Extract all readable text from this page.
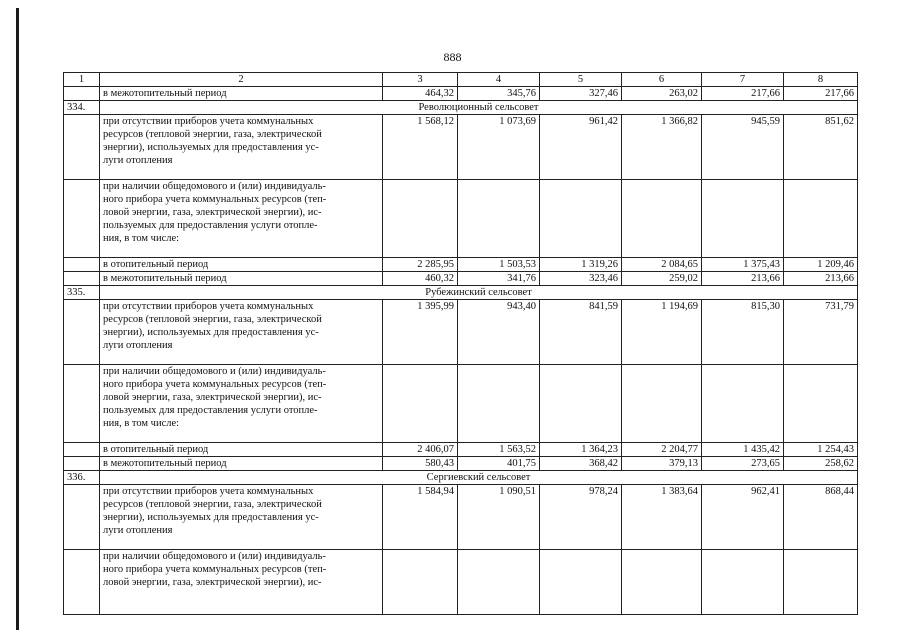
888
1	2	3	4	5	6	7	8
	в межотопительный период	464,32	345,76	327,46	263,02	217,66	217,66
334.	Революционный сельсовет						

	при отсутствии приборов учета коммунальных
ресурсов (тепловой энергии, газа, электрической
энергии), используемых для предоставления ус-
луги отопления	1 568,12	1 073,69	961,42	1 366,82	945,59	851,62

	при наличии общедомового и (или) индивидуаль-
ного прибора учета коммунальных ресурсов (теп-
ловой энергии, газа, электрической энергии), ис-
пользуемых для предоставления услуги отопле-
ния, в том числе:						

	в отопительный период	2 285,95	1 503,53	1 319,26	2 084,65	1 375,43	1 209,46
	в межотопительный период	460,32	341,76	323,46	259,02	213,66	213,66
335.	Рубежинский сельсовет						

	при отсутствии приборов учета коммунальных
ресурсов (тепловой энергии, газа, электрической
энергии), используемых для предоставления ус-
луги отопления	1 395,99	943,40	841,59	1 194,69	815,30	731,79

	при наличии общедомового и (или) индивидуаль-
ного прибора учета коммунальных ресурсов (теп-
ловой энергии, газа, электрической энергии), ис-
пользуемых для предоставления услуги отопле-
ния, в том числе:						

	в отопительный период	2 406,07	1 563,52	1 364,23	2 204,77	1 435,42	1 254,43
	в межотопительный период	580,43	401,75	368,42	379,13	273,65	258,62
336.	Сергиевский сельсовет						

	при отсутствии приборов учета коммунальных
ресурсов (тепловой энергии, газа, электрической
энергии), используемых для предоставления ус-
луги отопления	1 584,94	1 090,51	978,24	1 383,64	962,41	868,44

	при наличии общедомового и (или) индивидуаль-
ного прибора учета коммунальных ресурсов (теп-
ловой энергии, газа, электрической энергии), ис-						
